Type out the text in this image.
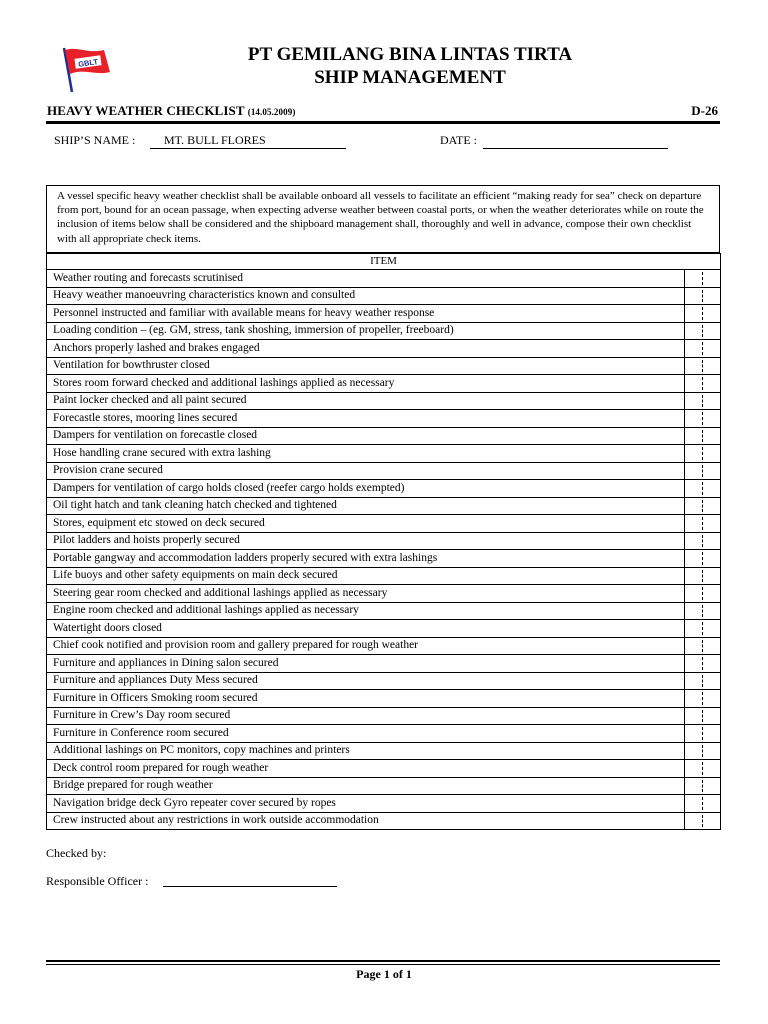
GBLT	PT GEMILANG BINA LINTAS TIRTA
SHIP MANAGEMENT
HEAVY WEATHER CHECKLIST (14.05.2009)	D-26
SHIP’S NAME : MT. BULL FLORES	DATE :
A vessel specific heavy weather checklist shall be available onboard all vessels to facilitate an efficient “making ready for sea” check on departure from port, bound for an ocean passage, when expecting adverse weather between coastal ports, or when the weather deteriorates while on route the inclusion of items below shall be considered and the shipboard management shall, thoroughly and well in advance, compose their own checklist with all appropriate check items.
ITEM	
Weather routing and forecasts scrutinised	
Heavy weather manoeuvring characteristics known and consulted	
Personnel instructed and familiar with available means for heavy weather response	
Loading condition – (eg. GM, stress, tank shoshing, immersion of propeller, freeboard)	
Anchors properly lashed and brakes engaged	
Ventilation for bowthruster closed	
Stores room forward checked and additional lashings applied as necessary	
Paint locker checked and all paint secured	
Forecastle stores, mooring lines secured	
Dampers for ventilation on forecastle closed	
Hose handling crane secured with extra lashing	
Provision crane secured	
Dampers for ventilation of cargo holds closed (reefer cargo holds exempted)	
Oil tight hatch and tank cleaning hatch checked and tightened	
Stores, equipment etc stowed on deck secured	
Pilot ladders and hoists properly secured	
Portable gangway and accommodation ladders properly secured with extra lashings	
Life buoys and other safety equipments on main deck secured	
Steering gear room checked and additional lashings applied as necessary	
Engine room checked and additional lashings applied as necessary	
Watertight doors closed	
Chief cook notified and provision room and gallery prepared for rough weather	
Furniture and appliances in Dining salon secured	
Furniture and appliances Duty Mess secured	
Furniture in Officers Smoking room secured	
Furniture in Crew’s Day room secured	
Furniture in Conference room secured	
Additional lashings on PC monitors, copy machines and printers	
Deck control room prepared for rough weather	
Bridge prepared for rough weather	
Navigation bridge deck Gyro repeater cover secured by ropes	
Crew instructed about any restrictions in work outside accommodation	
Checked by:
Responsible Officer :
Page 1 of 1
